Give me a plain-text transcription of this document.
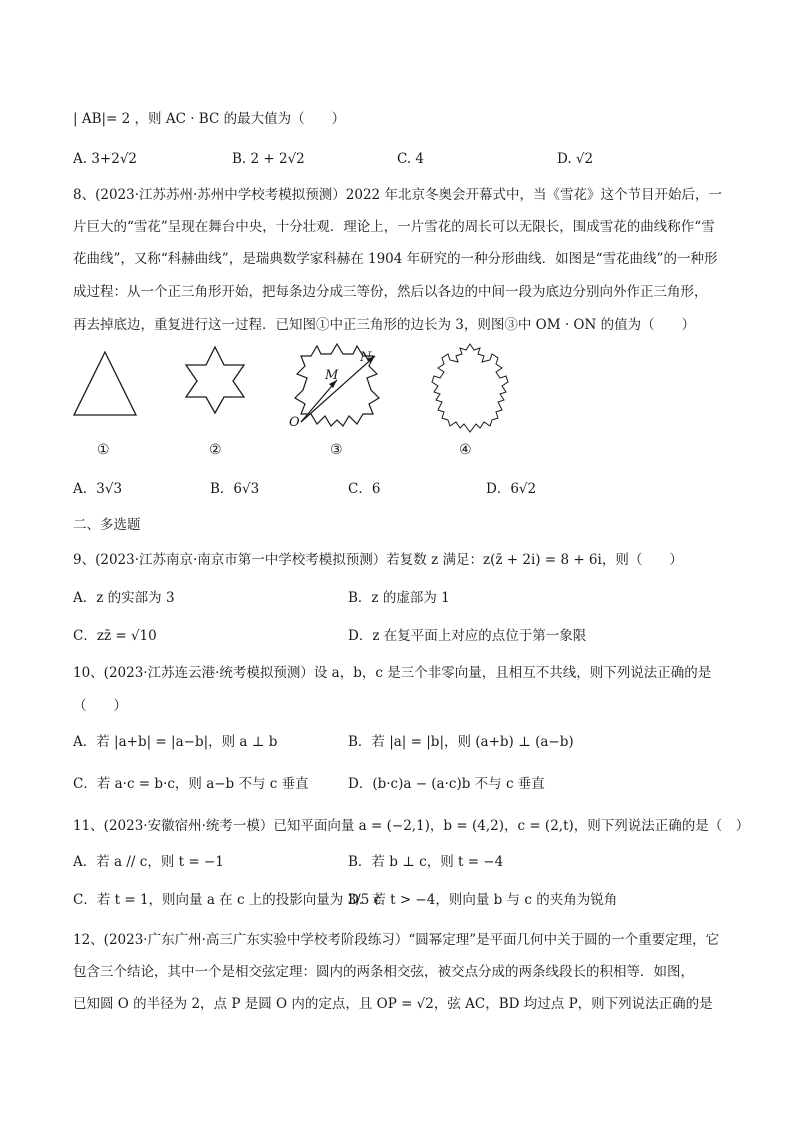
| AB|= 2 ，则 AC · BC 的最大值为（　　）
A. 3+2√2	B. 2 + 2√2	C. 4	D. √2
8、(2023·江苏苏州·苏州中学校考模拟预测）2022 年北京冬奥会开幕式中，当《雪花》这个节目开始后，一
片巨大的“雪花”呈现在舞台中央，十分壮观．理论上，一片雪花的周长可以无限长，围成雪花的曲线称作“雪
花曲线”，又称“科赫曲线”，是瑞典数学家科赫在 1904 年研究的一种分形曲线．如图是“雪花曲线”的一种形
成过程：从一个正三角形开始，把每条边分成三等份，然后以各边的中间一段为底边分别向外作正三角形，
再去掉底边，重复进行这一过程．已知图①中正三角形的边长为 3，则图③中 OM · ON 的值为（　　）
O
M
N
①	②	③	④
A．3√3	B．6√3	C．6	D．6√2
二、多选题
9、(2023·江苏南京·南京市第一中学校考模拟预测）若复数 z 满足：z(z̄ + 2i) = 8 + 6i，则（　　）
A．z 的实部为 3	B．z 的虚部为 1
C．zz̄ = √10	D．z 在复平面上对应的点位于第一象限
10、(2023·江苏连云港·统考模拟预测）设 a，b，c 是三个非零向量，且相互不共线，则下列说法正确的是
（　　）
A．若 |a+b| = |a−b|，则 a ⊥ b	B．若 |a| = |b|，则 (a+b) ⊥ (a−b)
C．若 a·c = b·c，则 a−b 不与 c 垂直	D．(b·c)a − (a·c)b 不与 c 垂直
11、(2023·安徽宿州·统考一模）已知平面向量 a = (−2,1)，b = (4,2)，c = (2,t)，则下列说法正确的是（　）
A．若 a // c，则 t = −1	B．若 b ⊥ c，则 t = −4
C．若 t = 1，则向量 a 在 c 上的投影向量为 3/5 c
D．若 t > −4，则向量 b 与 c 的夹角为锐角
12、(2023·广东广州·高三广东实验中学校考阶段练习）“圆幂定理”是平面几何中关于圆的一个重要定理，它
包含三个结论，其中一个是相交弦定理：圆内的两条相交弦，被交点分成的两条线段长的积相等．如图，
已知圆 O 的半径为 2，点 P 是圆 O 内的定点，且 OP = √2，弦 AC，BD 均过点 P，则下列说法正确的是
